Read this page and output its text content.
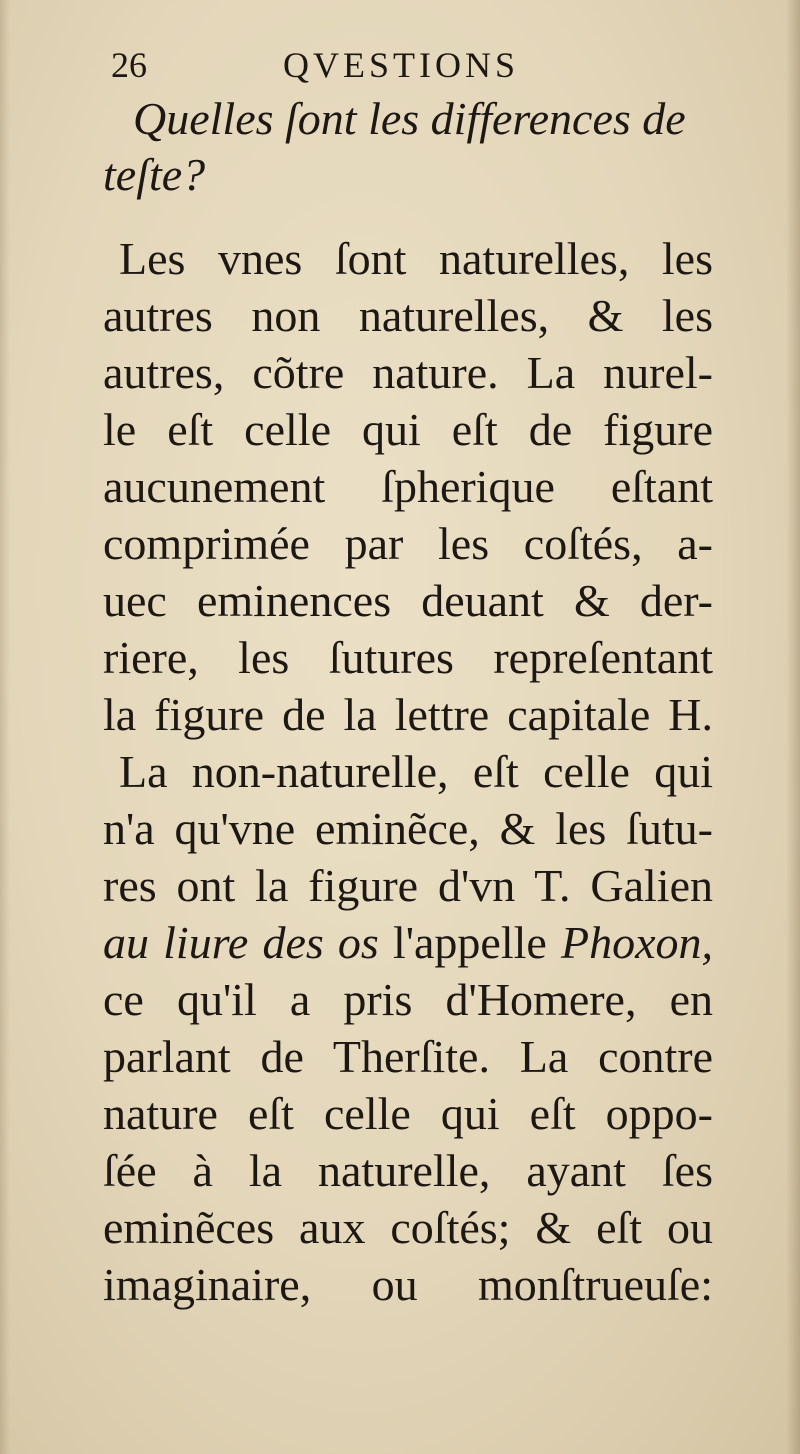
26	QVESTIONS
Quelles ſont les differences de
teſte?
Les vnes ſont naturelles, les
autres non naturelles, & les
autres, cõtre nature. La nurel-
le eſt celle qui eſt de figure
aucunement ſpherique eſtant
comprimée par les coſtés, a-
uec eminences deuant & der-
riere, les ſutures repreſentant
la figure de la lettre capitale H.
La non-naturelle, eſt celle qui
n'a qu'vne eminẽce, & les ſutu-
res ont la figure d'vn T. Galien
au liure des os l'appelle Phoxon,
ce qu'il a pris d'Homere, en
parlant de Therſite. La contre
nature eſt celle qui eſt oppo-
ſée à la naturelle, ayant ſes
eminẽces aux coſtés; & eſt ou
imaginaire, ou monſtrueuſe:
